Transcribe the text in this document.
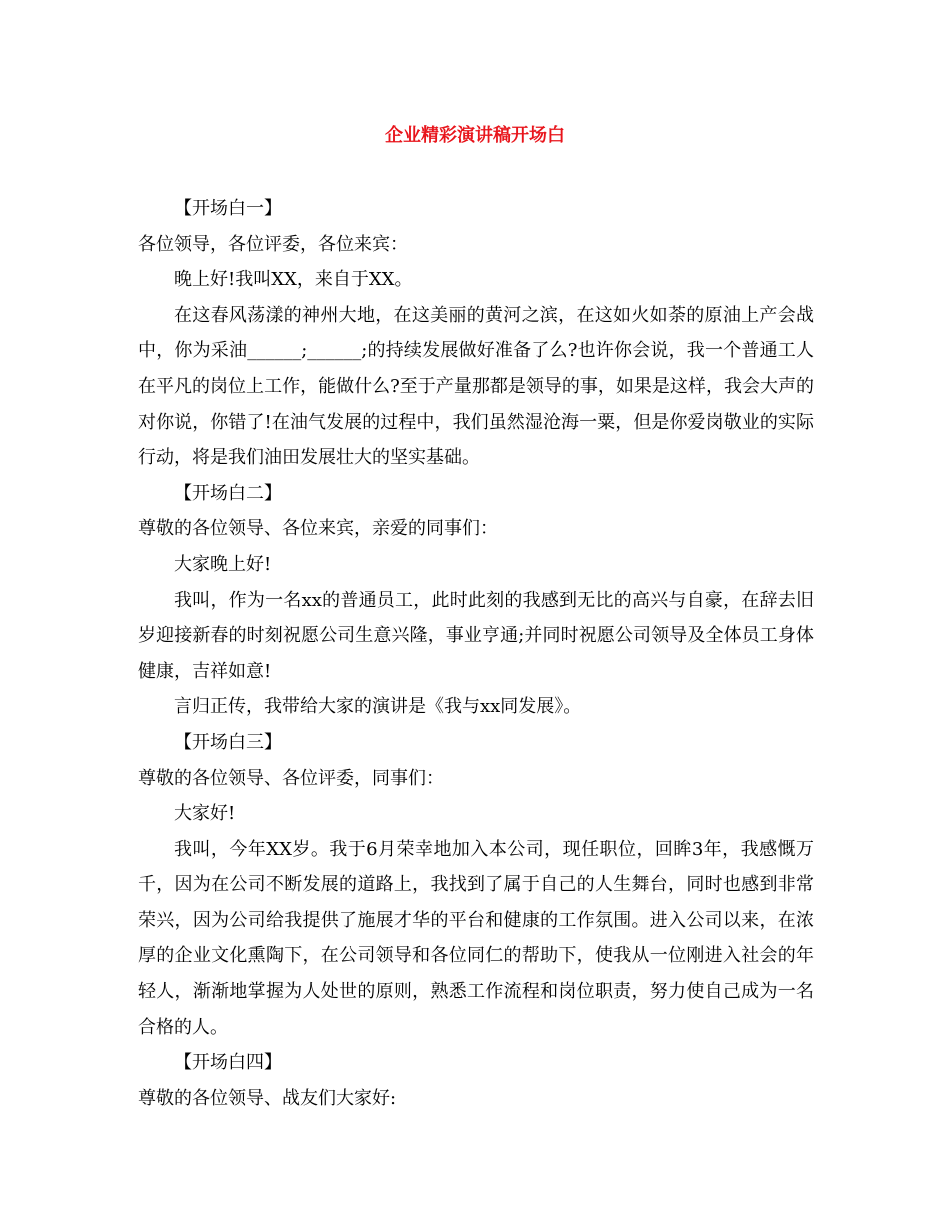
企业精彩演讲稿开场白

【开场白一】

各位领导，各位评委，各位来宾：

晚上好!我叫XX，来自于XX。

在这春风荡漾的神州大地，在这美丽的黄河之滨，在这如火如荼的原油上产会战中，你为采油______;______;的持续发展做好准备了么?也许你会说，我一个普通工人在平凡的岗位上工作，能做什么?至于产量那都是领导的事，如果是这样，我会大声的对你说，你错了!在油气发展的过程中，我们虽然湿沧海一粟，但是你爱岗敬业的实际行动，将是我们油田发展壮大的坚实基础。

【开场白二】

尊敬的各位领导、各位来宾，亲爱的同事们：

大家晚上好!

我叫，作为一名xx的普通员工，此时此刻的我感到无比的高兴与自豪，在辞去旧岁迎接新春的时刻祝愿公司生意兴隆，事业亨通;并同时祝愿公司领导及全体员工身体健康，吉祥如意!

言归正传，我带给大家的演讲是《我与xx同发展》。

【开场白三】

尊敬的各位领导、各位评委，同事们：

大家好!

我叫，今年XX岁。我于6月荣幸地加入本公司，现任职位，回眸3年，我感慨万千，因为在公司不断发展的道路上，我找到了属于自己的人生舞台，同时也感到非常荣兴，因为公司给我提供了施展才华的平台和健康的工作氛围。进入公司以来，在浓厚的企业文化熏陶下，在公司领导和各位同仁的帮助下，使我从一位刚进入社会的年轻人，渐渐地掌握为人处世的原则，熟悉工作流程和岗位职责，努力使自己成为一名合格的人。

【开场白四】

尊敬的各位领导、战友们大家好:
